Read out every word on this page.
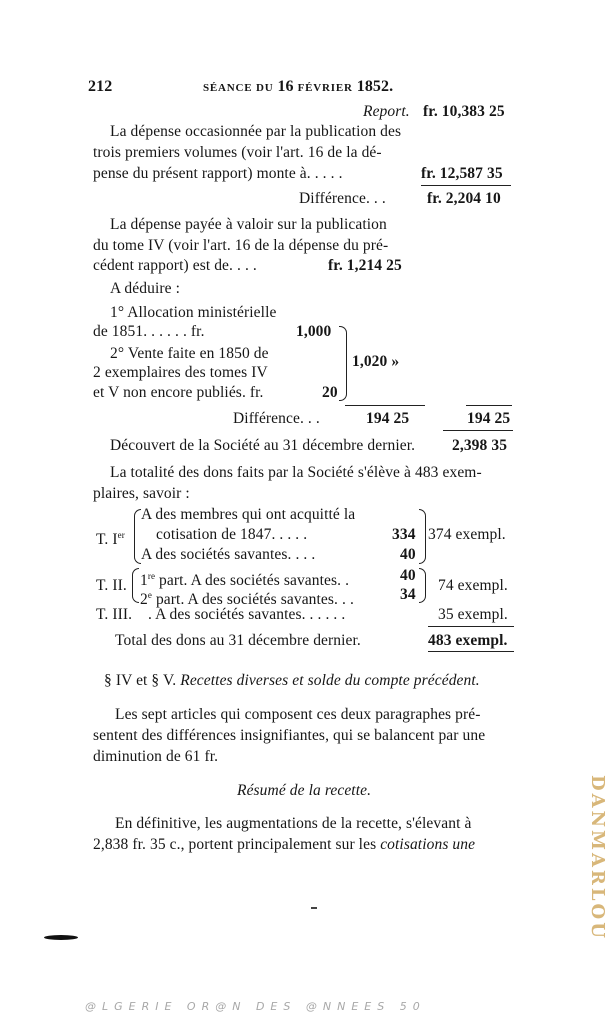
212	SÉANCE DU 16 FÉVRIER 1852.
Report. fr. 10,383 25
La dépense occasionnée par la publication des
trois premiers volumes (voir l'art. 16 de la dé-
pense du présent rapport) monte à. . . . .	fr. 12,587 35
Différence. . .	fr. 2,204 10
La dépense payée à valoir sur la publication
du tome IV (voir l'art. 16 de la dépense du pré-
cédent rapport) est de. . . .	fr. 1,214 25
A déduire :
1° Allocation ministérielle
de 1851. . . . . . fr.	1,000
2° Vente faite en 1850 de
2 exemplaires des tomes IV
et V non encore publiés. fr.	20
1,020 »
Différence. . .	194 25	194 25
Découvert de la Société au 31 décembre dernier. 2,398 35
La totalité des dons faits par la Société s'élève à 483 exem-
plaires, savoir :
T. Ier
A des membres qui ont acquitté la
cotisation de 1847. . . . .	334
A des sociétés savantes. . . .	40
374 exempl.
T. II. 1re part. A des sociétés savantes. .	40
2e part. A des sociétés savantes. . .	34
74 exempl.
T. III. . A des sociétés savantes. . . . . .	35 exempl.
Total des dons au 31 décembre dernier.	483 exempl.
§ IV et § V. Recettes diverses et solde du compte précédent.
Les sept articles qui composent ces deux paragraphes pré-
sentent des différences insignifiantes, qui se balancent par une
diminution de 61 fr.
Résumé de la recette.
En définitive, les augmentations de la recette, s'élevant à
2,838 fr. 35 c., portent principalement sur les cotisations une	DANMARLOU
@LGERIE OR@N DES @NNEES 50
